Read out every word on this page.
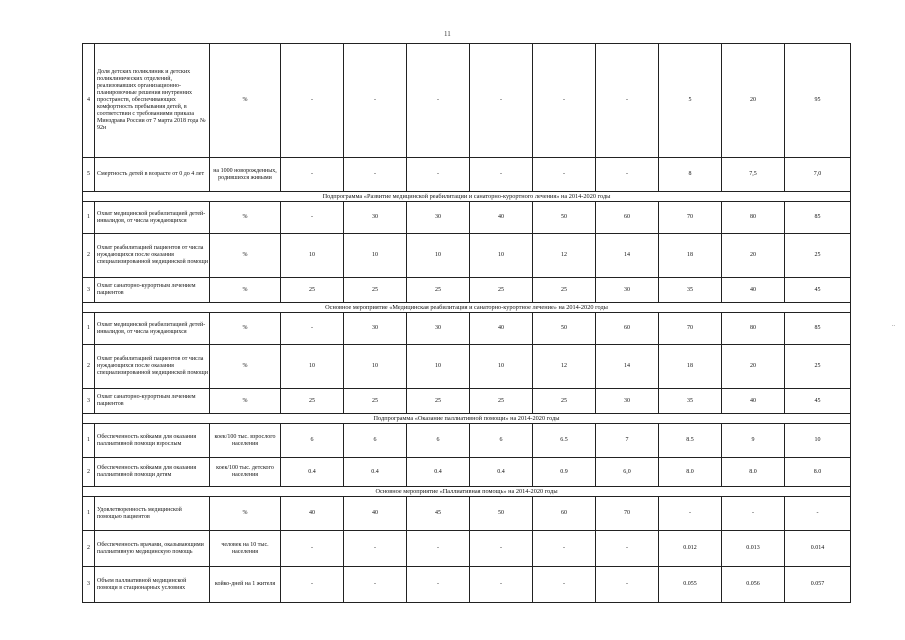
11
..
4	Доля детских поликлиник и детских поликлинических отделений, реализовавших организационно-планировочные решения внутренних пространств, обеспечивающих комфортность пребывания детей, в соответствии с требованиями приказа Минздрава России от 7 марта 2018 года № 92н	%	-	-	-	-	-	-	5	20	95
5	Смертность детей в возрасте от 0 до 4 лет	на 1000 новорожденных, родившихся живыми	-	-	-	-	-	-	8	7,5	7,0
Подпрограмма «Развитие медицинской реабилитации и санаторно-курортного лечения» на 2014-2020 годы											
1	Охват медицинской реабилитацией детей-инвалидов, от числа нуждающихся	%	-	30	30	40	50	60	70	80	85
2	Охват реабилитацией пациентов от числа нуждающихся после оказания специализированной медицинской помощи	%	10	10	10	10	12	14	18	20	25
3	Охват санаторно-курортным лечением пациентов	%	25	25	25	25	25	30	35	40	45
Основное мероприятие «Медицинская реабилитация и санаторно-курортное лечение» на 2014-2020 годы											
1	Охват медицинской реабилитацией детей-инвалидов, от числа нуждающихся	%	-	30	30	40	50	60	70	80	85
2	Охват реабилитацией пациентов от числа нуждающихся после оказания специализированной медицинской помощи	%	10	10	10	10	12	14	18	20	25
3	Охват санаторно-курортным лечением пациентов	%	25	25	25	25	25	30	35	40	45
Подпрограмма «Оказание паллиативной помощи» на 2014-2020 годы											
1	Обеспеченность койками для оказания паллиативной помощи взрослым	коек/100 тыс. взрослого населения	6	6	6	6	6.5	7	8.5	9	10
2	Обеспеченность койками для оказания паллиативной помощи детям	коек/100 тыс. детского населения	0.4	0.4	0.4	0.4	0.9	6,0	8.0	8.0	8.0
Основное мероприятие «Паллиативная помощь» на 2014-2020 годы											
1	Удовлетворенность медицинской помощью пациентов	%	40	40	45	50	60	70	-	-	-
2	Обеспеченность врачами, оказывающими паллиативную медицинскую помощь	человек на 10 тыс. населения	-	-	-	-	-	-	0.012	0.013	0.014
3	Объем паллиативной медицинской помощи в стационарных условиях	койко-дней на 1 жителя	-	-	-	-	-	-	0.055	0.056	0.057
